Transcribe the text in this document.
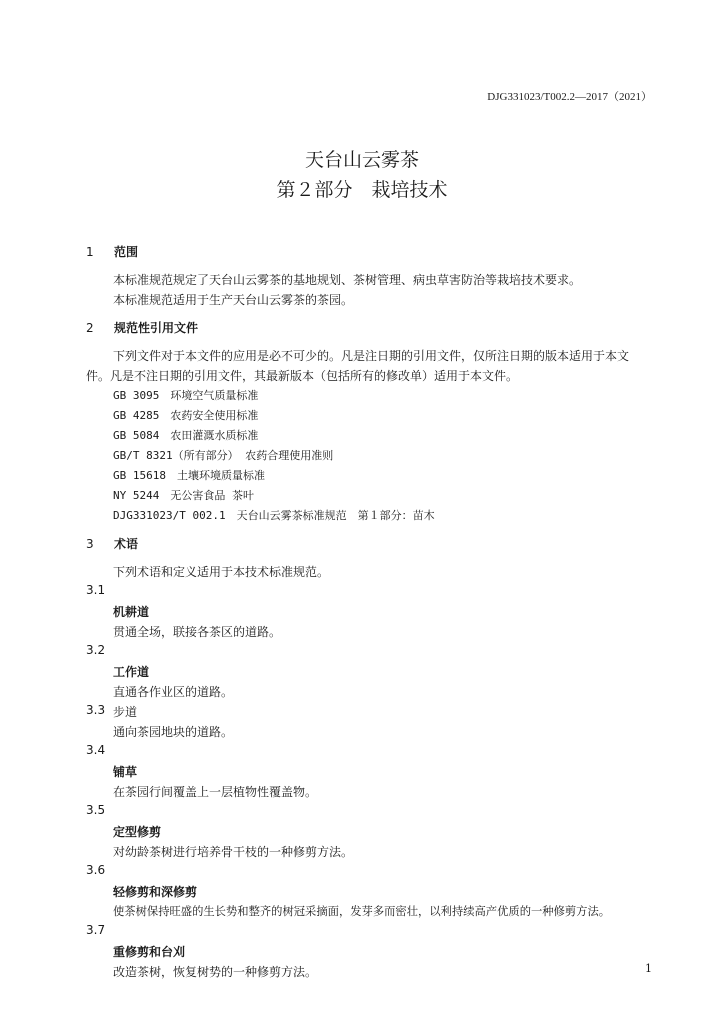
DJG331023/T002.2—2017（2021）
天台山云雾茶
第２部分　栽培技术
1 范围
本标准规范规定了天台山云雾茶的基地规划、茶树管理、病虫草害防治等栽培技术要求。
本标准规范适用于生产天台山云雾茶的茶园。
2 规范性引用文件
下列文件对于本文件的应用是必不可少的。凡是注日期的引用文件，仅所注日期的版本适用于本文
件。凡是不注日期的引用文件，其最新版本（包括所有的修改单）适用于本文件。
GB 3095　环境空气质量标准
GB 4285　农药安全使用标准
GB 5084　农田灌溉水质标准
GB/T 8321（所有部分） 农药合理使用准则
GB 15618　土壤环境质量标准
NY 5244　无公害食品 茶叶
DJG331023/T 002.1　天台山云雾茶标准规范　第１部分：苗木
3 术语
下列术语和定义适用于本技术标准规范。
3.1
机耕道
贯通全场，联接各茶区的道路。
3.2
工作道
直通各作业区的道路。
3.3 步道
通向茶园地块的道路。
3.4
铺草
在茶园行间覆盖上一层植物性覆盖物。
3.5
定型修剪
对幼龄茶树进行培养骨干枝的一种修剪方法。
3.6
轻修剪和深修剪
使茶树保持旺盛的生长势和整齐的树冠采摘面，发芽多而密壮，以利持续高产优质的一种修剪方法。
3.7
重修剪和台刈
改造茶树，恢复树势的一种修剪方法。	1
